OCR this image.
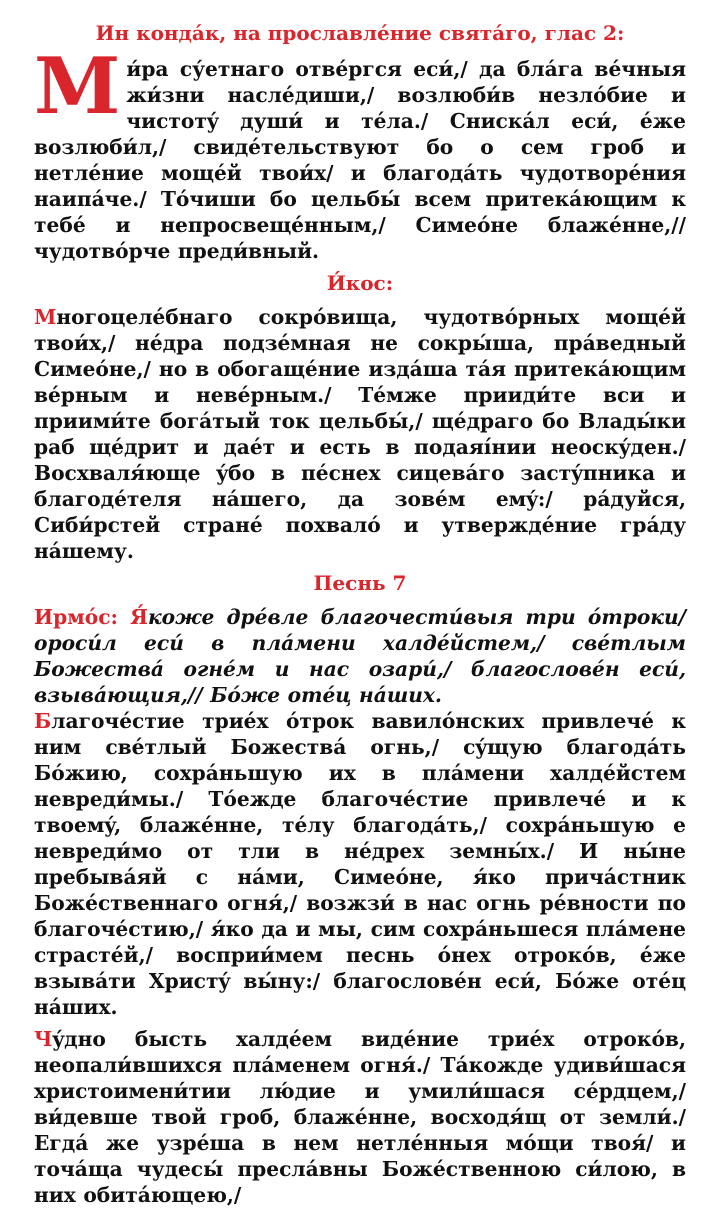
Ин кондáк, на прославлéние святáго, глас 2:

Ми́ра су́етнаго отвéргся еси́,/ да блáга вéчныя жи́зни наслéдиши,/ возлюби́в незлóбие и чистотý души́ и тéла./ Снискáл еси́, éже возлюби́л,/ свидéтельствуют бо о сем гроб и нетлéние мощéй твои́х/ и благодáть чудотворéния наипáче./ Тóчиши бо цельбы́ всем притекáющим к тебé и непросвещéнным,/ Симеóне блажéнне,// чудотвóрче преди́вный.

И́кос:

Многоцелéбнаго сокрóвища, чудотвóрных мощéй твои́х,/ нéдра подзéмная не сокры́ша, прáведный Симеóне,/ но в обогащéние издáша тáя притекáющим вéрным и невéрным./ Тéмже прииди́те вси и приими́те богáтый ток цельбы́,/ щéдраго бо Влады́ки раб щéдрит и даéт и есть в подаяíнии неоскýден./ Восхваля́юще ýбо в пéснех сицевáго застýпника и благодéтеля нáшего, да зовéм емý:/ рáдуйся, Сиби́рстей странé похвалó и утверждéние грáду нáшему.

Песнь 7

Ирмóс: Я́коже дрéвле благочести́выя три óтроки/ ороси́л еси́ в плáмени халдéйстем,/ свéтлым Божествá огнéм и нас озари́,/ благословéн еси́, взывáющия,// Бóже отéц нáших.

Благочéстие триéх óтрок вавилóнских привлечé к ним свéтлый Божествá огнь,/ сýщую благодáть Бóжию, сохрáньшую их в плáмени халдéйстем невреди́мы./ Тóежде благочéстие привлечé и к твоемý, блажéнне, тéлу благодáть,/ сохрáньшую е невреди́мо от тли в нéдрех земны́х./ И ны́не пребывáяй с нáми, Симеóне, я́ко причáстник Божéственнаго огня́,/ возжзи́ в нас огнь рéвности по благочéстию,/ я́ко да и мы, сим сохрáньшеся плáмене страстéй,/ восприи́мем песнь óнех отрокóв, éже взывáти Христý вы́ну:/ благословéн еси́, Бóже отéц нáших.

Чýдно бысть халдéем видéние триéх отрокóв, неопали́вшихся плáменем огня́./ Тáкожде удиви́шася христоимени́тии лю́дие и умили́шася сéрдцем,/ ви́девше твой гроб, блажéнне, восходя́щ от земли́./ Егдá же узрéша в нем нетлéнныя мóщи твоя́/ и точáща чудесы́ преслáвны Божéственною си́лою, в них обитáющею,/
